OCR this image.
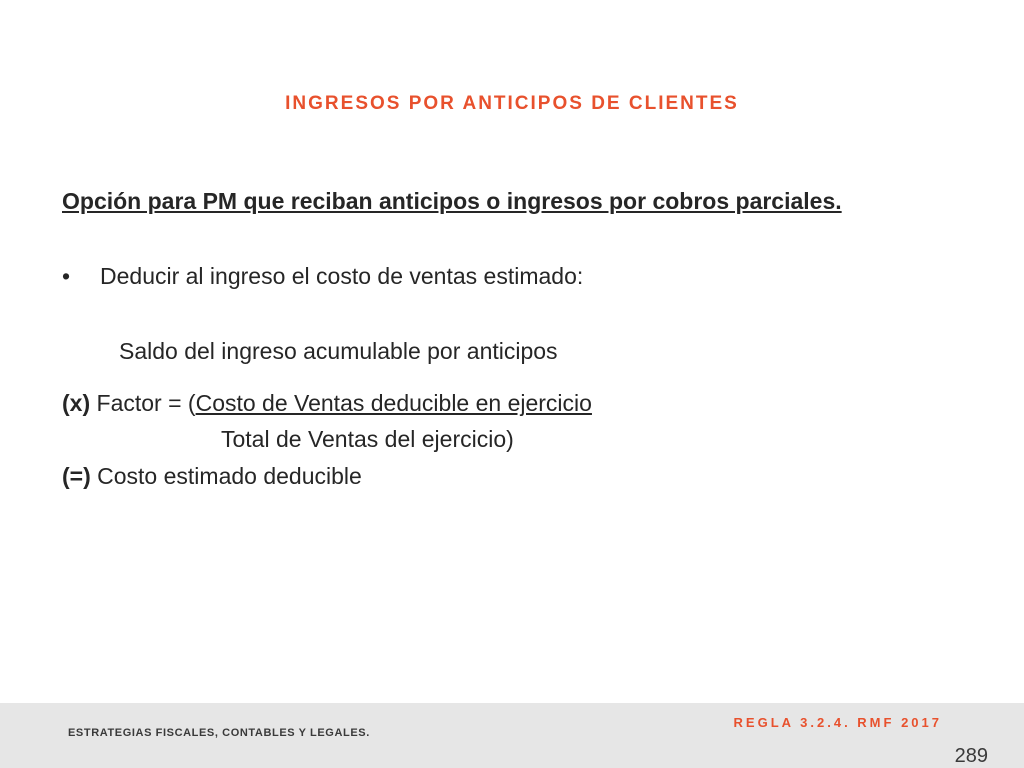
INGRESOS POR ANTICIPOS DE CLIENTES
Opción para PM que reciban anticipos o ingresos por cobros parciales.
• Deducir al ingreso el costo de ventas estimado:
Saldo del ingreso acumulable por anticipos
(x) Factor = (Costo de Ventas deducible en ejercicio
Total de Ventas del ejercicio)
(=) Costo estimado deducible
ESTRATEGIAS FISCALES, CONTABLES Y LEGALES.
REGLA 3.2.4. RMF 2017
289
